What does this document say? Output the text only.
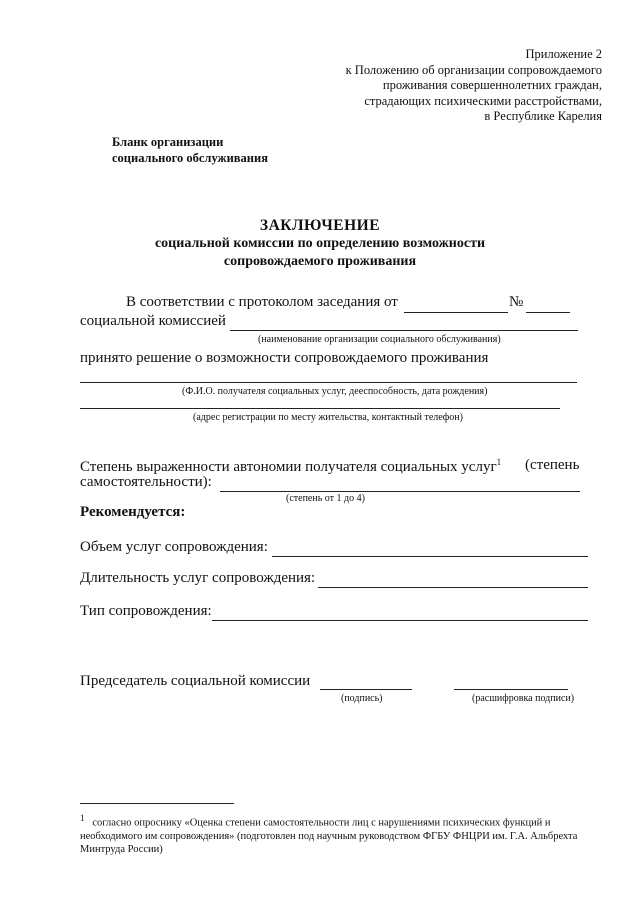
Приложение 2
к Положению об организации сопровождаемого
проживания совершеннолетних граждан,
страдающих психическими расстройствами,
в Республике Карелия
Бланк организации
социального обслуживания
ЗАКЛЮЧЕНИЕ
социальной комиссии по определению возможности
сопровождаемого проживания
В соответствии с протоколом заседания от	№
социальной комиссией
(наименование организации социального обслуживания)
принято решение о возможности сопровождаемого проживания
(Ф.И.О. получателя социальных услуг, дееспособность, дата рождения)
(адрес регистрации по месту жительства, контактный телефон)
Степень выраженности автономии получателя социальных услуг$^1$ (степень
самостоятельности):
(степень от 1 до 4)
Рекомендуется:
Объем услуг сопровождения:
Длительность услуг сопровождения:
Тип сопровождения:
Председатель социальной комиссии
(подпись)	(расшифровка подписи)
1 согласно опроснику «Оценка степени самостоятельности лиц с нарушениями психических функций и необходимого им сопровождения» (подготовлен под научным руководством ФГБУ ФНЦРИ им. Г.А. Альбрехта Минтруда России)
